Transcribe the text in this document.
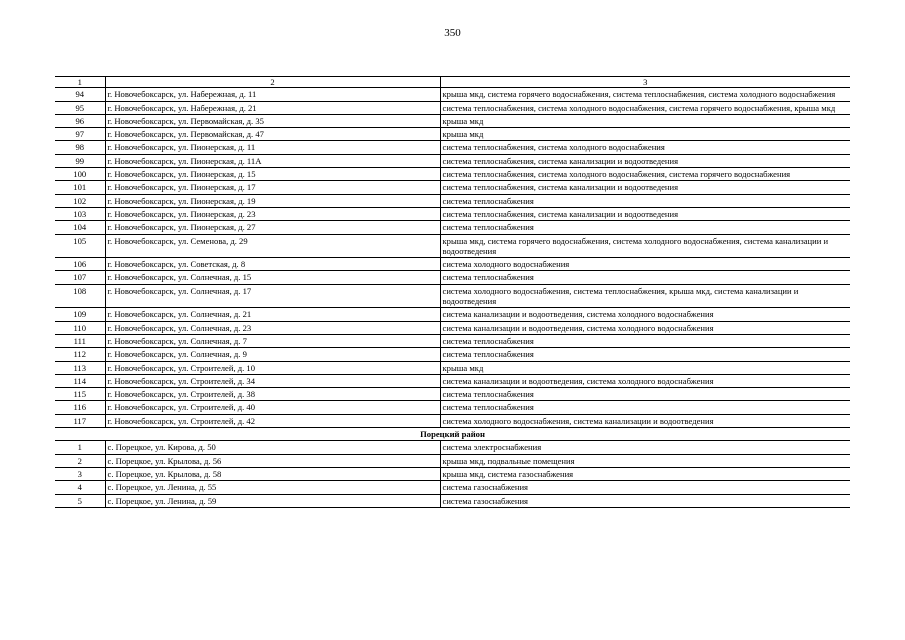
350
1	2	3
94	г. Новочебоксарск, ул. Набережная, д. 11	крыша мкд, система горячего водоснабжения, система теплоснабжения, система холодного водоснабжения
95	г. Новочебоксарск, ул. Набережная, д. 21	система теплоснабжения, система холодного водоснабжения, система горячего водоснабжения, крыша мкд
96	г. Новочебоксарск, ул. Первомайская, д. 35	крыша мкд
97	г. Новочебоксарск, ул. Первомайская, д. 47	крыша мкд
98	г. Новочебоксарск, ул. Пионерская, д. 11	система теплоснабжения, система холодного водоснабжения
99	г. Новочебоксарск, ул. Пионерская, д. 11А	система теплоснабжения, система канализации и водоотведения
100	г. Новочебоксарск, ул. Пионерская, д. 15	система теплоснабжения, система холодного водоснабжения, система горячего водоснабжения
101	г. Новочебоксарск, ул. Пионерская, д. 17	система теплоснабжения, система канализации и водоотведения
102	г. Новочебоксарск, ул. Пионерская, д. 19	система теплоснабжения
103	г. Новочебоксарск, ул. Пионерская, д. 23	система теплоснабжения, система канализации и водоотведения
104	г. Новочебоксарск, ул. Пионерская, д. 27	система теплоснабжения
105	г. Новочебоксарск, ул. Семенова, д. 29	крыша мкд, система горячего водоснабжения, система холодного водоснабжения, система канализации и водоотведения
106	г. Новочебоксарск, ул. Советская, д. 8	система холодного водоснабжения
107	г. Новочебоксарск, ул. Солнечная, д. 15	система теплоснабжения
108	г. Новочебоксарск, ул. Солнечная, д. 17	система холодного водоснабжения, система теплоснабжения, крыша мкд, система канализации и водоотведения
109	г. Новочебоксарск, ул. Солнечная, д. 21	система канализации и водоотведения, система холодного водоснабжения
110	г. Новочебоксарск, ул. Солнечная, д. 23	система канализации и водоотведения, система холодного водоснабжения
111	г. Новочебоксарск, ул. Солнечная, д. 7	система теплоснабжения
112	г. Новочебоксарск, ул. Солнечная, д. 9	система теплоснабжения
113	г. Новочебоксарск, ул. Строителей, д. 10	крыша мкд
114	г. Новочебоксарск, ул. Строителей, д. 34	система канализации и водоотведения, система холодного водоснабжения
115	г. Новочебоксарск, ул. Строителей, д. 38	система теплоснабжения
116	г. Новочебоксарск, ул. Строителей, д. 40	система теплоснабжения
117	г. Новочебоксарск, ул. Строителей, д. 42	система холодного водоснабжения, система канализации и водоотведения
Порецкий район		
1	с. Порецкое, ул. Кирова, д. 50	система электроснабжения
2	с. Порецкое, ул. Крылова, д. 56	крыша мкд, подвальные помещения
3	с. Порецкое, ул. Крылова, д. 58	крыша мкд, система газоснабжения
4	с. Порецкое, ул. Ленина, д. 55	система газоснабжения
5	с. Порецкое, ул. Ленина, д. 59	система газоснабжения
